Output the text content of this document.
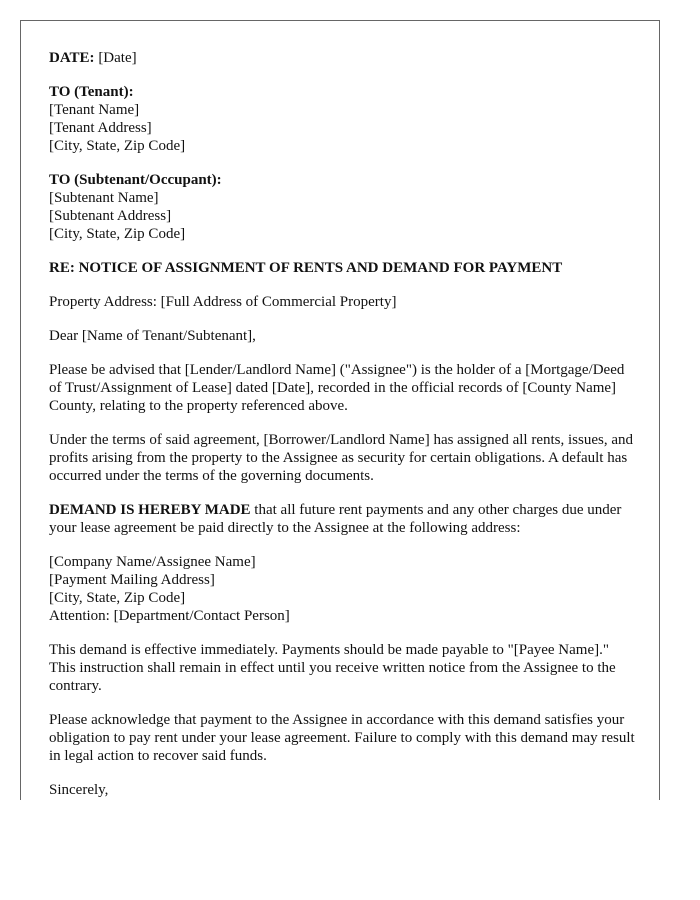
DATE: [Date]
TO (Tenant):
[Tenant Name]
[Tenant Address]
[City, State, Zip Code]
TO (Subtenant/Occupant):
[Subtenant Name]
[Subtenant Address]
[City, State, Zip Code]
RE: NOTICE OF ASSIGNMENT OF RENTS AND DEMAND FOR PAYMENT

Property Address: [Full Address of Commercial Property]

Dear [Name of Tenant/Subtenant],

Please be advised that [Lender/Landlord Name] ("Assignee") is the holder of a [Mortgage/Deed of Trust/Assignment of Lease] dated [Date], recorded in the official records of [County Name] County, relating to the property referenced above.

Under the terms of said agreement, [Borrower/Landlord Name] has assigned all rents, issues, and profits arising from the property to the Assignee as security for certain obligations. A default has occurred under the terms of the governing documents.

DEMAND IS HEREBY MADE that all future rent payments and any other charges due under your lease agreement be paid directly to the Assignee at the following address:

[Company Name/Assignee Name]
[Payment Mailing Address]
[City, State, Zip Code]
Attention: [Department/Contact Person]

This demand is effective immediately. Payments should be made payable to "[Payee Name]." This instruction shall remain in effect until you receive written notice from the Assignee to the contrary.

Please acknowledge that payment to the Assignee in accordance with this demand satisfies your obligation to pay rent under your lease agreement. Failure to comply with this demand may result in legal action to recover said funds.

Sincerely,
